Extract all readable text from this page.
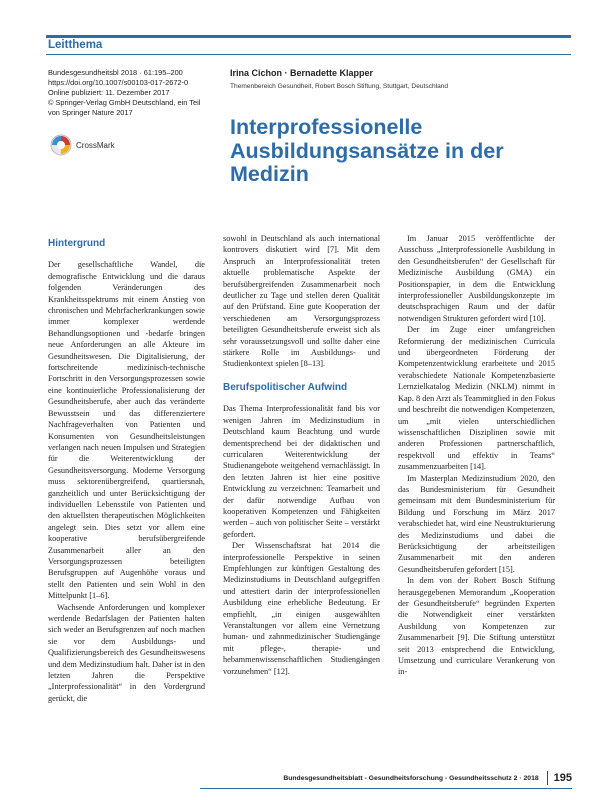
Leitthema
Bundesgesundheitsbl 2018 · 61:195–200
https://doi.org/10.1007/s00103-017-2672-0
Online publiziert: 11. Dezember 2017
© Springer-Verlag GmbH Deutschland, ein Teil
von Springer Nature 2017
CrossMark
Irina Cichon · Bernadette Klapper
Themenbereich Gesundheit, Robert Bosch Stiftung, Stuttgart, Deutschland
Interprofessionelle Ausbildungsansätze in der Medizin
Hintergrund

Der gesellschaftliche Wandel, die demografische Entwicklung und die daraus folgenden Veränderungen des Krankheitsspektrums mit einem Anstieg von chronischen und Mehrfacherkrankungen sowie immer komplexer werdende Behandlungsoptionen und -bedarfe bringen neue Anforderungen an alle Akteure im Gesundheitswesen. Die Digitalisierung, der fortschreitende medizinisch-technische Fortschritt in den Versorgungsprozessen sowie eine kontinuierliche Professionalisierung der Gesundheitsberufe, aber auch das veränderte Bewusstsein und das differenziertere Nachfrageverhalten von Patienten und Konsumenten von Gesundheitsleistungen verlangen nach neuen Impulsen und Strategien für die Weiterentwicklung der Gesundheitsversorgung. Moderne Versorgung muss sektorenübergreifend, quartiersnah, ganzheitlich und unter Berücksichtigung der individuellen Lebensstile von Patienten und den aktuellsten therapeutischen Möglichkeiten angelegt sein. Dies setzt vor allem eine kooperative berufsübergreifende Zusammenarbeit aller an den Versorgungsprozessen beteiligten Berufsgruppen auf Augenhöhe voraus und stellt den Patienten und sein Wohl in den Mittelpunkt [1–6].

Wachsende Anforderungen und komplexer werdende Bedarfslagen der Patienten halten sich weder an Berufsgrenzen auf noch machen sie vor dem Ausbildungs- und Qualifizierungsbereich des Gesundheitswesens und dem Medizinstudium halt. Daher ist in den letzten Jahren die Perspektive „Interprofessionalität“ in den Vordergrund gerückt, die

sowohl in Deutschland als auch international kontrovers diskutiert wird [7]. Mit dem Anspruch an Interprofessionalität treten aktuelle problematische Aspekte der berufsübergreifenden Zusammenarbeit noch deutlicher zu Tage und stellen deren Qualität auf den Prüfstand. Eine gute Kooperation der verschiedenen am Versorgungsprozess beteiligten Gesundheitsberufe erweist sich als sehr voraussetzungsvoll und sollte daher eine stärkere Rolle im Ausbildungs- und Studienkontext spielen [8–13].

Berufspolitischer Aufwind

Das Thema Interprofessionalität fand bis vor wenigen Jahren im Medizinstudium in Deutschland kaum Beachtung und wurde dementsprechend bei der didaktischen und curricularen Weiterentwicklung der Studienangebote weitgehend vernachlässigt. In den letzten Jahren ist hier eine positive Entwicklung zu verzeichnen: Teamarbeit und der dafür notwendige Aufbau von kooperativen Kompetenzen und Fähigkeiten werden – auch von politischer Seite – verstärkt gefordert.

Der Wissenschaftsrat hat 2014 die interprofessionelle Perspektive in seinen Empfehlungen zur künftigen Gestaltung des Medizinstudiums in Deutschland aufgegriffen und attestiert darin der interprofessionellen Ausbildung eine erhebliche Bedeutung. Er empfiehlt, „in einigen ausgewählten Veranstaltungen vor allem eine Vernetzung human- und zahnmedizinischer Studiengänge mit pflege-, therapie- und hebammenwissenschaftlichen Studiengängen vorzunehmen“ [12].

Im Januar 2015 veröffentlichte der Ausschuss „Interprofessionelle Ausbildung in den Gesundheitsberufen“ der Gesellschaft für Medizinische Ausbildung (GMA) ein Positionspapier, in dem die Entwicklung interprofessioneller Ausbildungskonzepte im deutschsprachigen Raum und der dafür notwendigen Strukturen gefordert wird [10].

Der im Zuge einer umfangreichen Reformierung der medizinischen Curricula und übergeordneten Förderung der Kompetenzentwicklung erarbeitete und 2015 verabschiedete Nationale Kompetenzbasierte Lernzielkatalog Medizin (NKLM) nimmt in Kap. 8 den Arzt als Teammitglied in den Fokus und beschreibt die notwendigen Kompetenzen, um „mit vielen unterschiedlichen wissenschaftlichen Disziplinen sowie mit anderen Professionen partnerschaftlich, respektvoll und effektiv in Teams“ zusammenzuarbeiten [14].

Im Masterplan Medizinstudium 2020, den das Bundesministerium für Gesundheit gemeinsam mit dem Bundesministerium für Bildung und Forschung im März 2017 verabschiedet hat, wird eine Neustrukturierung des Medizinstudiums und dabei die Berücksichtigung der arbeitsteiligen Zusammenarbeit mit den anderen Gesundheitsberufen gefordert [15].

In dem von der Robert Bosch Stiftung herausgegebenen Memorandum „Kooperation der Gesundheitsberufe“ begründen Experten die Notwendigkeit einer verstärkten Ausbildung von Kompetenzen zur Zusammenarbeit [9]. Die Stiftung unterstützt seit 2013 entsprechend die Entwicklung, Umsetzung und curriculare Verankerung von in-

Bundesgesundheitsblatt - Gesundheitsforschung - Gesundheitsschutz 2 · 2018 195
